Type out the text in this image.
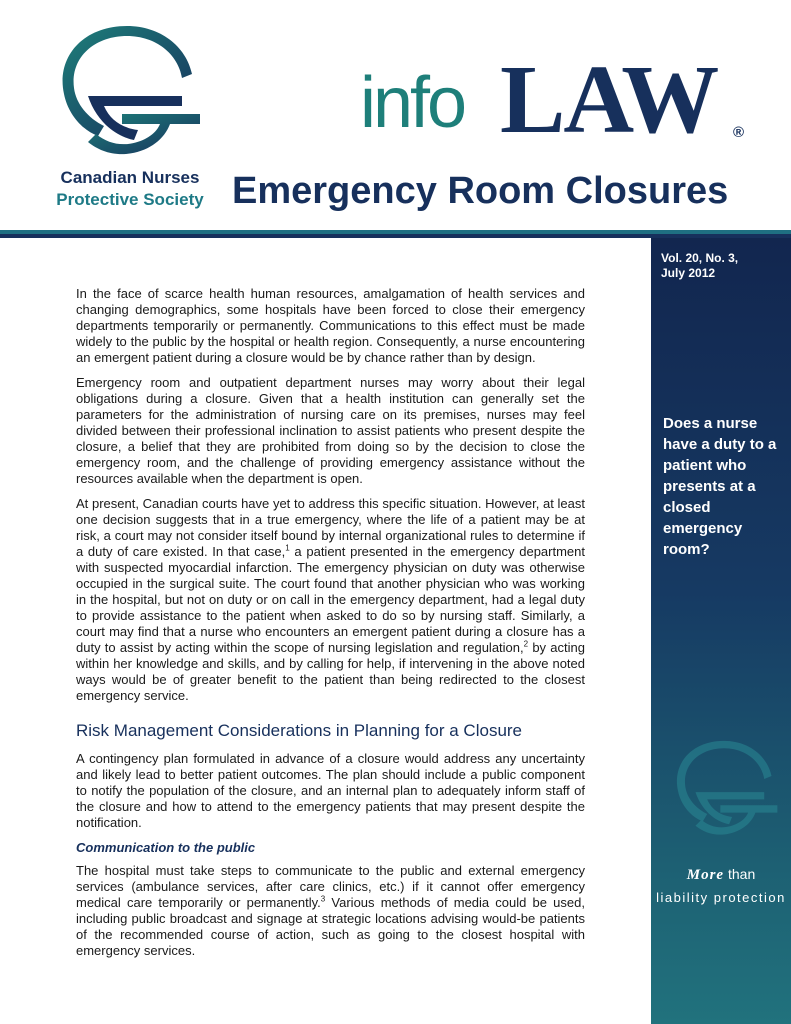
Canadian Nurses
Protective Society
info LAW ®
Emergency Room Closures
Vol. 20, No. 3,
July 2012
Does a nurse have a duty to a patient who presents at a closed emergency room?
More than
liability protection

In the face of scarce health human resources, amalgamation of health services and changing demographics, some hospitals have been forced to close their emergency departments temporarily or permanently. Communications to this effect must be made widely to the public by the hospital or health region. Consequently, a nurse encountering an emergent patient during a closure would be by chance rather than by design.

Emergency room and outpatient department nurses may worry about their legal obligations during a closure. Given that a health institution can generally set the parameters for the administration of nursing care on its premises, nurses may feel divided between their professional inclination to assist patients who present despite the closure, a belief that they are prohibited from doing so by the decision to close the emergency room, and the challenge of providing emergency assistance without the resources available when the department is open.

At present, Canadian courts have yet to address this specific situation. However, at least one decision suggests that in a true emergency, where the life of a patient may be at risk, a court may not consider itself bound by internal organizational rules to determine if a duty of care existed. In that case,$^1$ a patient presented in the emergency department with suspected myocardial infarction. The emergency physician on duty was otherwise occupied in the surgical suite. The court found that another physician who was working in the hospital, but not on duty or on call in the emergency department, had a legal duty to provide assistance to the patient when asked to do so by nursing staff. Similarly, a court may find that a nurse who encounters an emergent patient during a closure has a duty to assist by acting within the scope of nursing legislation and regulation,$^2$ by acting within her knowledge and skills, and by calling for help, if intervening in the above noted ways would be of greater benefit to the patient than being redirected to the closest emergency service.

Risk Management Considerations in Planning for a Closure

A contingency plan formulated in advance of a closure would address any uncertainty and likely lead to better patient outcomes. The plan should include a public component to notify the population of the closure, and an internal plan to adequately inform staff of the closure and how to attend to the emergency patients that may present despite the notification.

Communication to the public

The hospital must take steps to communicate to the public and external emergency services (ambulance services, after care clinics, etc.) if it cannot offer emergency medical care temporarily or permanently.$^3$ Various methods of media could be used, including public broadcast and signage at strategic locations advising would-be patients of the recommended course of action, such as going to the closest hospital with emergency services.
